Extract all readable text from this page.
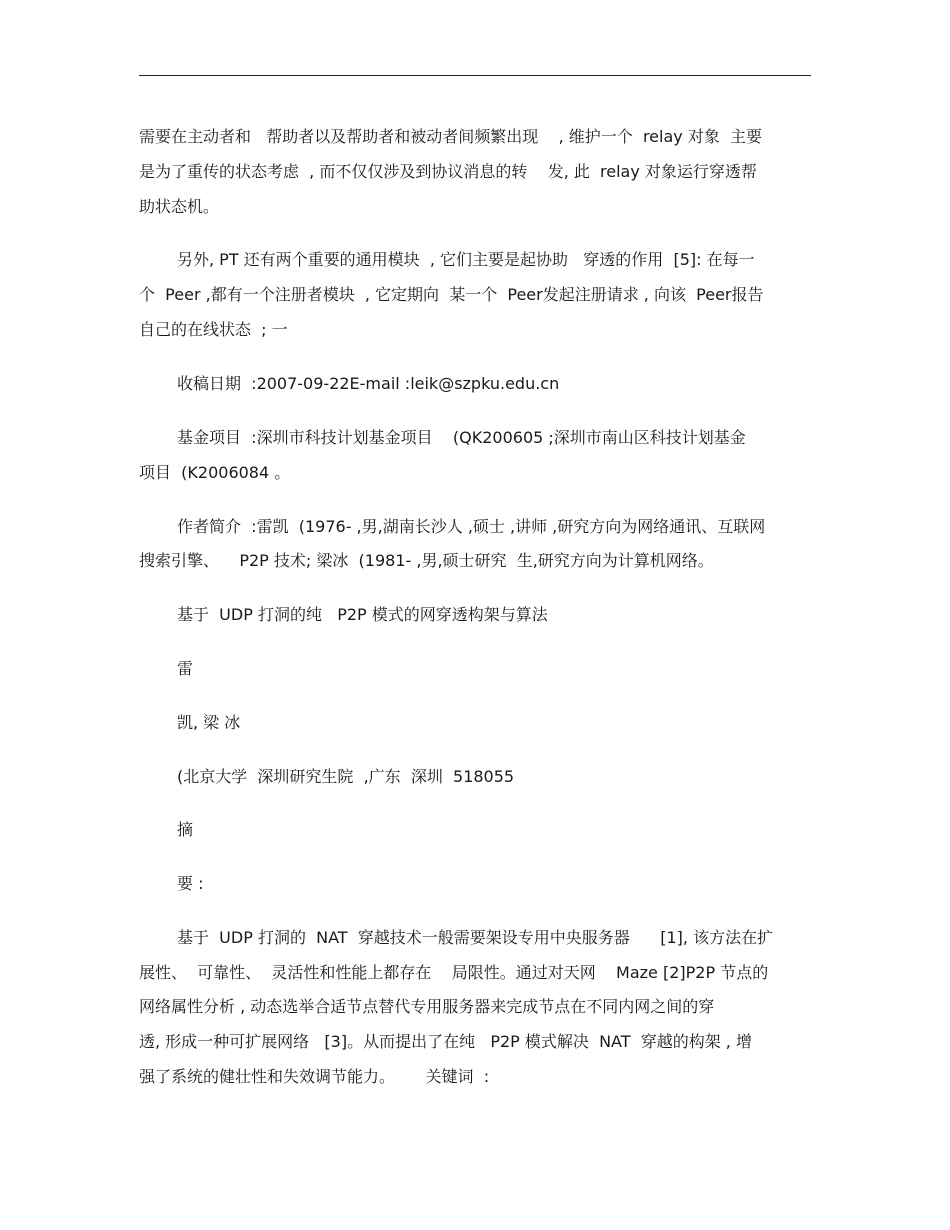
需要在主动者和   帮助者以及帮助者和被动者间频繁出现    , 维护一个  relay 对象  主要
是为了重传的状态考虑  , 而不仅仅涉及到协议消息的转    发, 此  relay 对象运行穿透帮
助状态机。
另外, PT 还有两个重要的通用模块  , 它们主要是起协助   穿透的作用  [5]: 在每一
个  Peer ,都有一个注册者模块  , 它定期向  某一个  Peer发起注册请求 , 向该  Peer报告
自己的在线状态  ; 一
收稿日期  :2007-09-22E-mail :leik@szpku.edu.cn
基金项目  :深圳市科技计划基金项目    (QK200605 ;深圳市南山区科技计划基金
项目  (K2006084 。
作者简介  :雷凯  (1976- ,男,湖南长沙人 ,硕士 ,讲师 ,研究方向为网络通讯、互联网
搜索引擎、    P2P 技术; 梁冰  (1981- ,男,硕士研究  生,研究方向为计算机网络。
基于  UDP 打洞的纯   P2P 模式的网穿透构架与算法
雷
凯, 梁 冰
(北京大学  深圳研究生院  ,广东  深圳  518055
摘
要 :
基于  UDP 打洞的  NAT  穿越技术一般需要架设专用中央服务器      [1], 该方法在扩
展性、  可靠性、  灵活性和性能上都存在    局限性。通过对天网    Maze [2]P2P 节点的
网络属性分析 , 动态选举合适节点替代专用服务器来完成节点在不同内网之间的穿
透, 形成一种可扩展网络   [3]。从而提出了在纯   P2P 模式解决  NAT  穿越的构架 , 增
强了系统的健壮性和失效调节能力。      关键词  :
